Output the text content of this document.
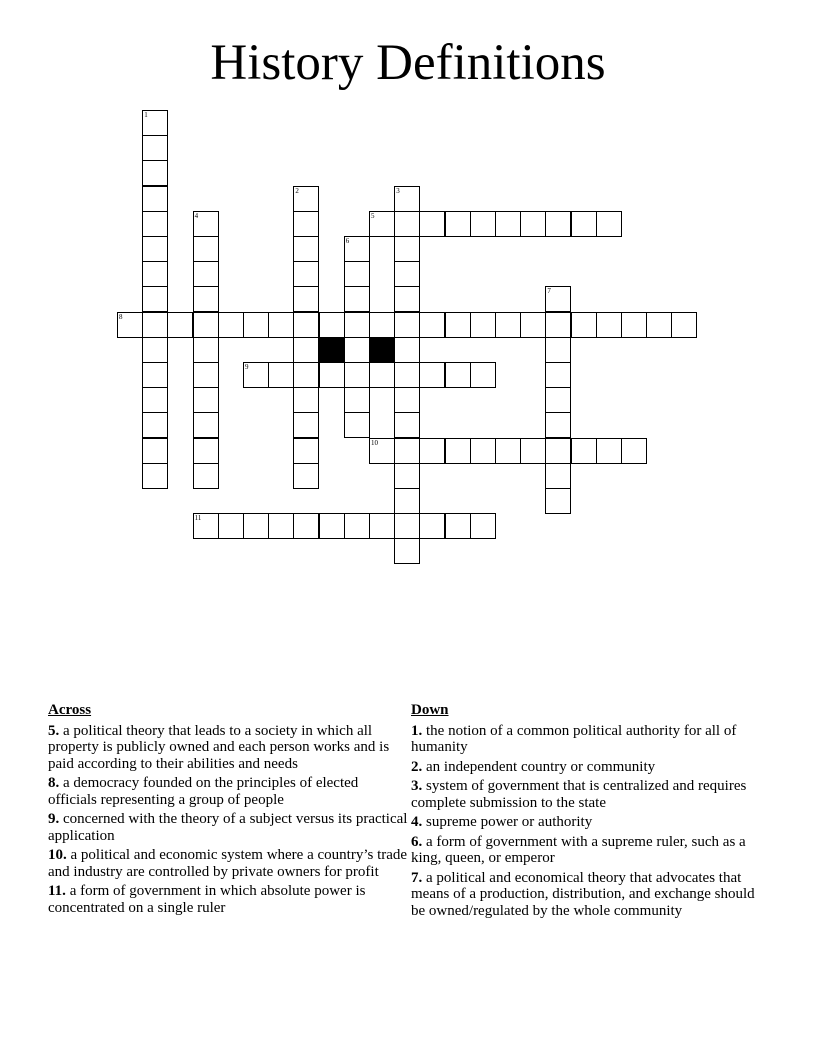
History Definitions
1
2	3
4	5
6
7
8
9
10
11
Across
5. a political theory that leads to a society in which all property is publicly owned and each person works and is paid according to their abilities and needs
8. a democracy founded on the principles of elected officials representing a group of people
9. concerned with the theory of a subject versus its practical application
10. a political and economic system where a country’s trade and industry are controlled by private owners for profit
11. a form of government in which absolute power is concentrated on a single ruler
Down
1. the notion of a common political authority for all of humanity
2. an independent country or community
3. system of government that is centralized and requires complete submission to the state
4. supreme power or authority
6. a form of government with a supreme ruler, such as a king, queen, or emperor
7. a political and economical theory that advocates that means of a production, distribution, and exchange should be owned/regulated by the whole community
